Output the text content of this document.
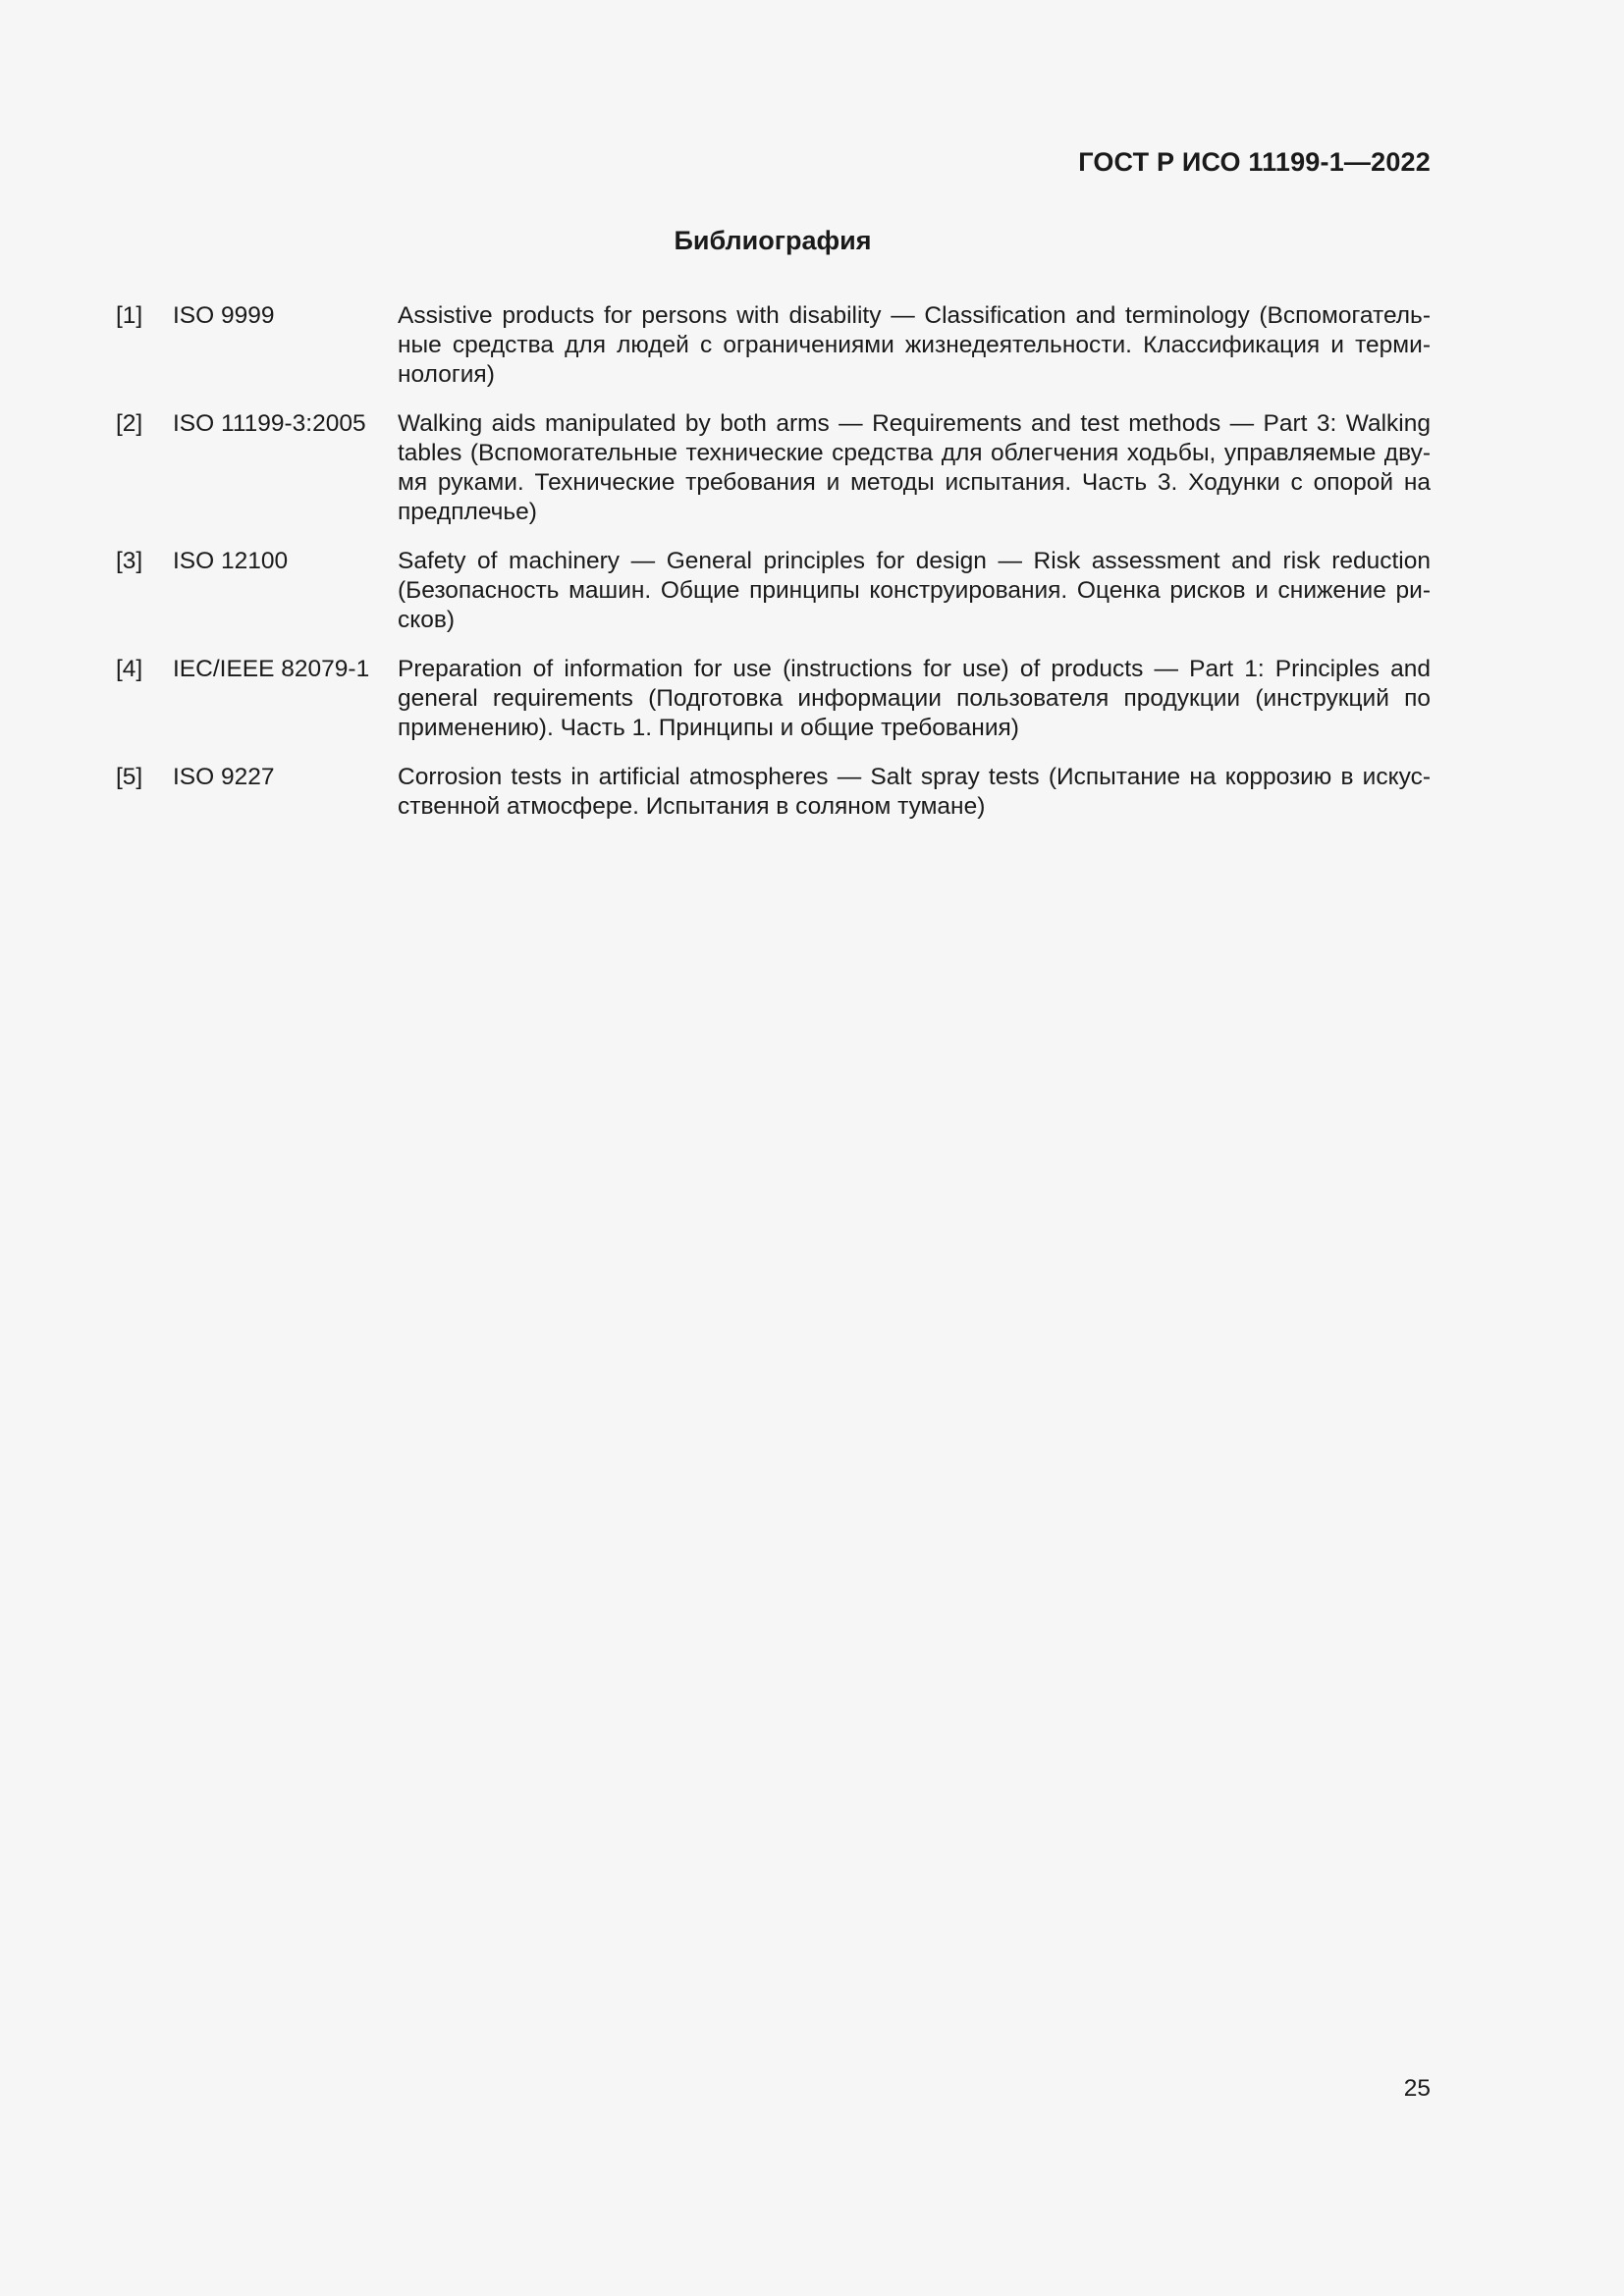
ГОСТ Р ИСО 11199-1—2022
Библиография
[1]	ISO 9999	Assistive products for persons with disability — Classification and terminology (Вспомогательные средства для людей с ограничениями жизнедеятельности. Классификация и терминология)
[2]	ISO 11199-3:2005	Walking aids manipulated by both arms — Requirements and test methods — Part 3: Walking tables (Вспомогательные технические средства для облегчения ходьбы, управляемые двумя руками. Технические требования и методы испытания. Часть 3. Ходунки с опорой на предплечье)
[3]	ISO 12100	Safety of machinery — General principles for design — Risk assessment and risk reduction (Безопасность машин. Общие принципы конструирования. Оценка рисков и снижение рисков)
[4]	IEC/IEEE 82079-1	Preparation of information for use (instructions for use) of products — Part 1: Principles and general requirements (Подготовка информации пользователя продукции (инструкций по применению). Часть 1. Принципы и общие требования)
[5]	ISO 9227	Corrosion tests in artificial atmospheres — Salt spray tests (Испытание на коррозию в искусственной атмосфере. Испытания в соляном тумане)
25
